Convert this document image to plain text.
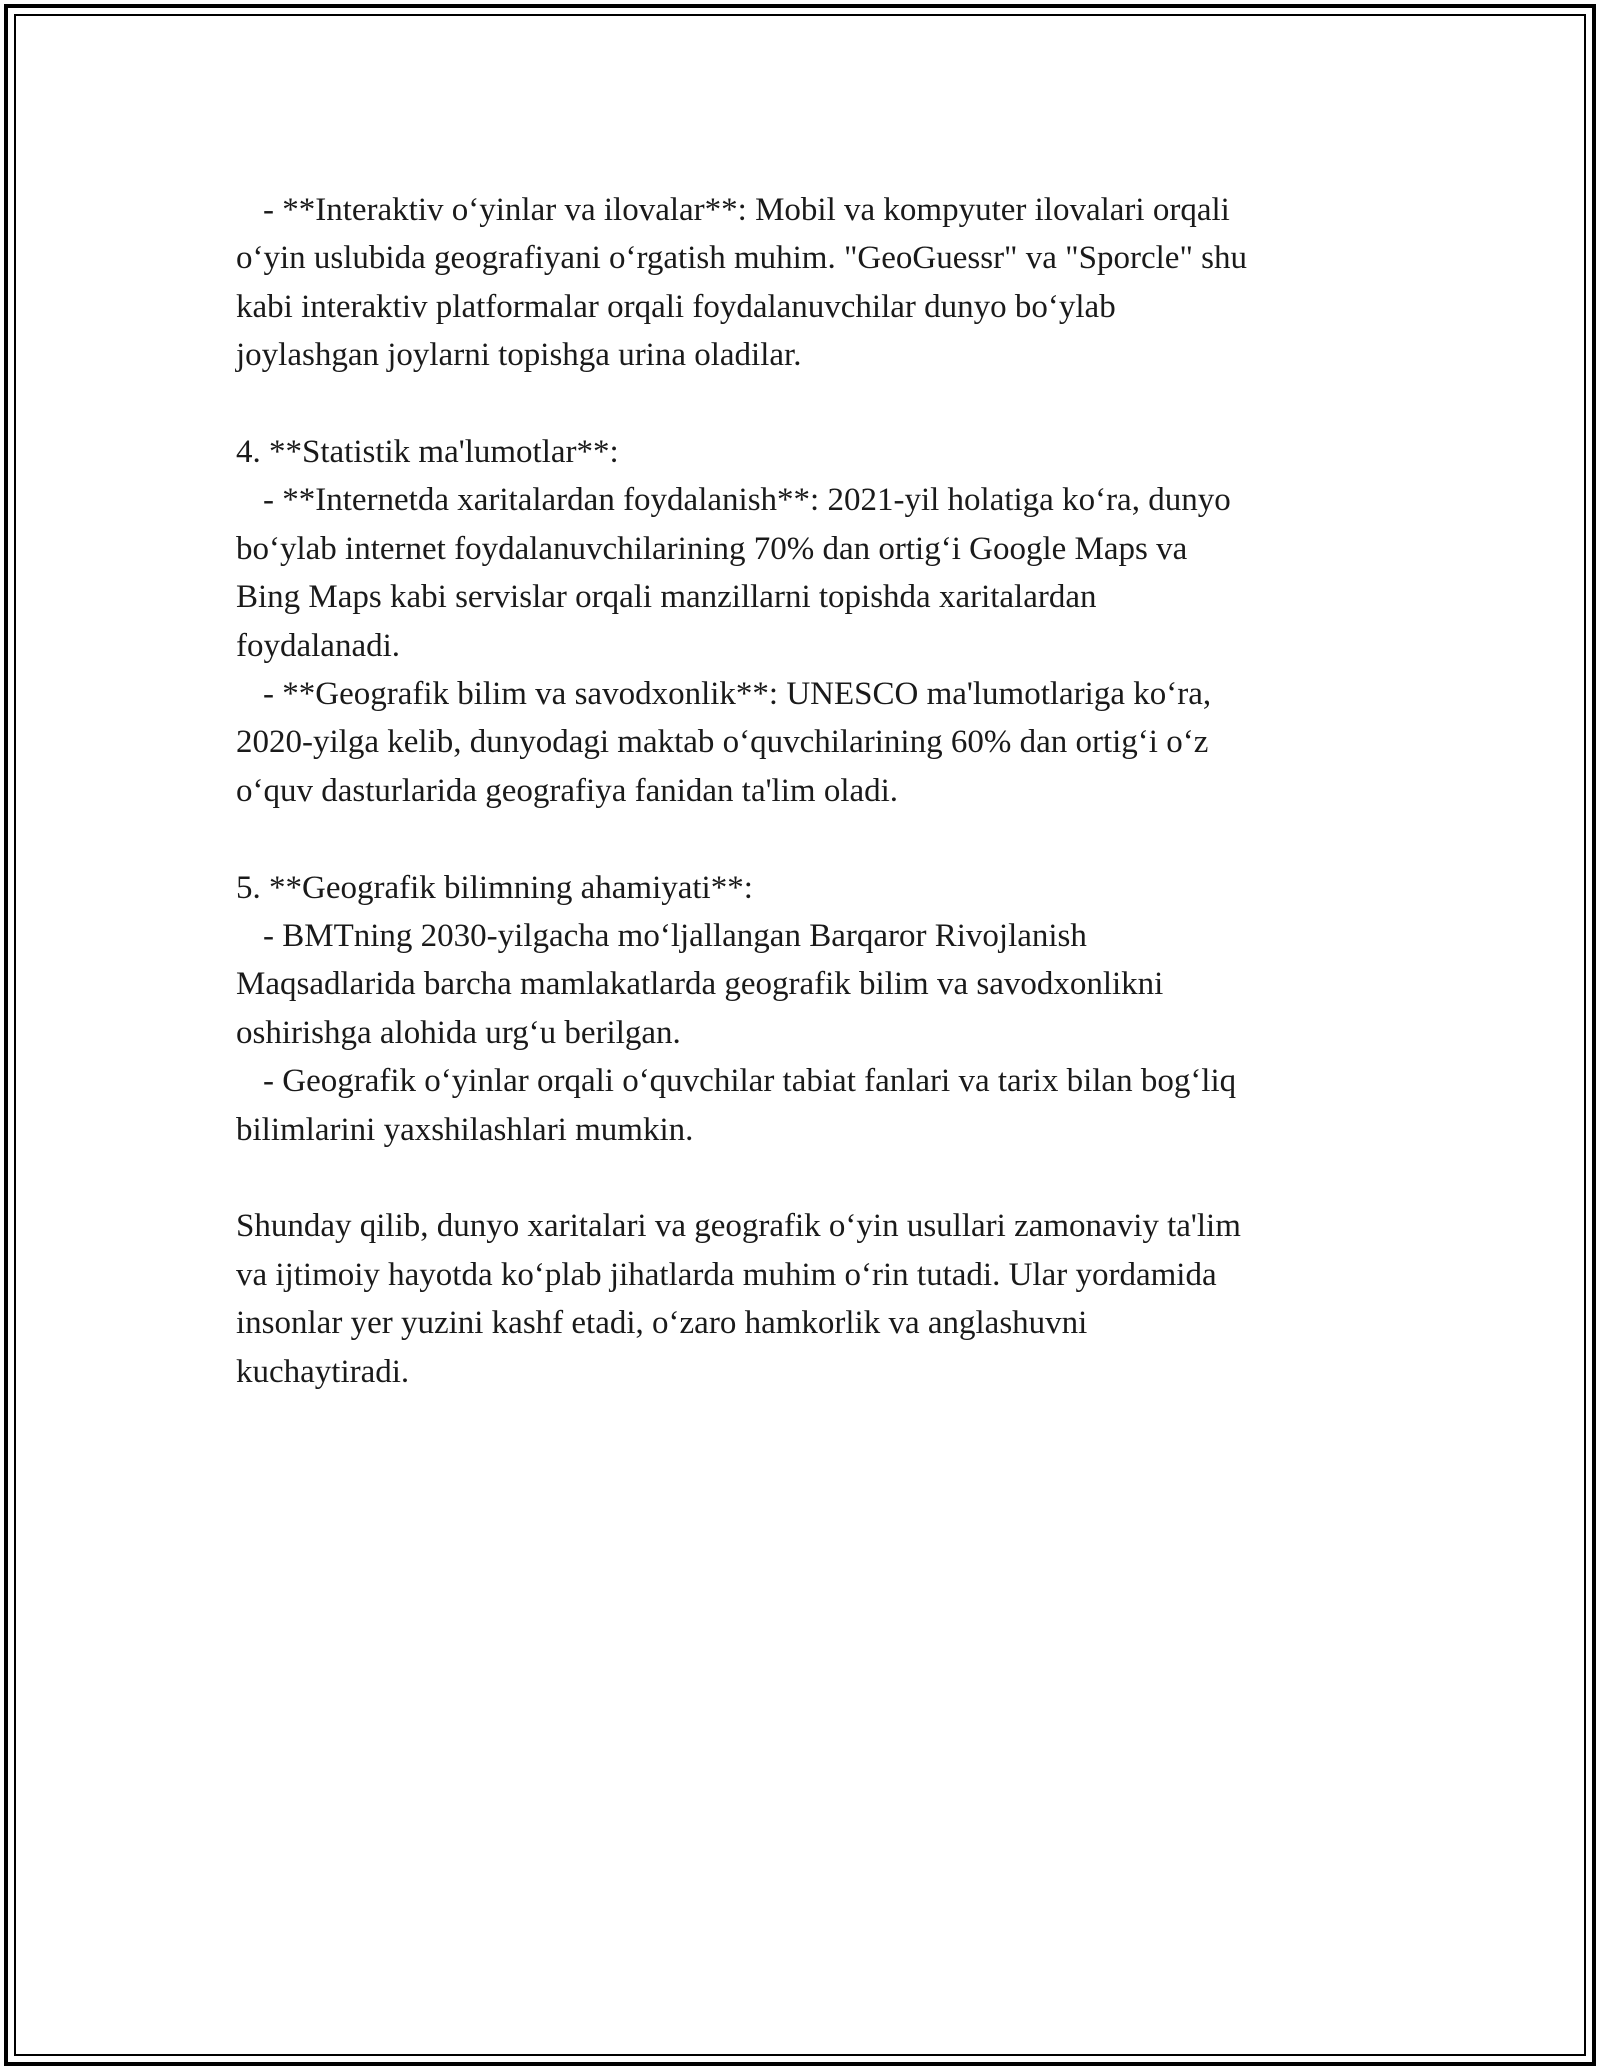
- **Interaktiv o‘yinlar va ilovalar**: Mobil va kompyuter ilovalari orqali

o‘yin uslubida geografiyani o‘rgatish muhim. "GeoGuessr" va "Sporcle" shu

kabi interaktiv platformalar orqali foydalanuvchilar dunyo bo‘ylab

joylashgan joylarni topishga urina oladilar.

4. **Statistik ma'lumotlar**:

- **Internetda xaritalardan foydalanish**: 2021-yil holatiga ko‘ra, dunyo

bo‘ylab internet foydalanuvchilarining 70% dan ortig‘i Google Maps va

Bing Maps kabi servislar orqali manzillarni topishda xaritalardan

foydalanadi.

- **Geografik bilim va savodxonlik**: UNESCO ma'lumotlariga ko‘ra,

2020-yilga kelib, dunyodagi maktab o‘quvchilarining 60% dan ortig‘i o‘z

o‘quv dasturlarida geografiya fanidan ta'lim oladi.

5. **Geografik bilimning ahamiyati**:

- BMTning 2030-yilgacha mo‘ljallangan Barqaror Rivojlanish

Maqsadlarida barcha mamlakatlarda geografik bilim va savodxonlikni

oshirishga alohida urg‘u berilgan.

- Geografik o‘yinlar orqali o‘quvchilar tabiat fanlari va tarix bilan bog‘liq

bilimlarini yaxshilashlari mumkin.

Shunday qilib, dunyo xaritalari va geografik o‘yin usullari zamonaviy ta'lim

va ijtimoiy hayotda ko‘plab jihatlarda muhim o‘rin tutadi. Ular yordamida

insonlar yer yuzini kashf etadi, o‘zaro hamkorlik va anglashuvni

kuchaytiradi.
